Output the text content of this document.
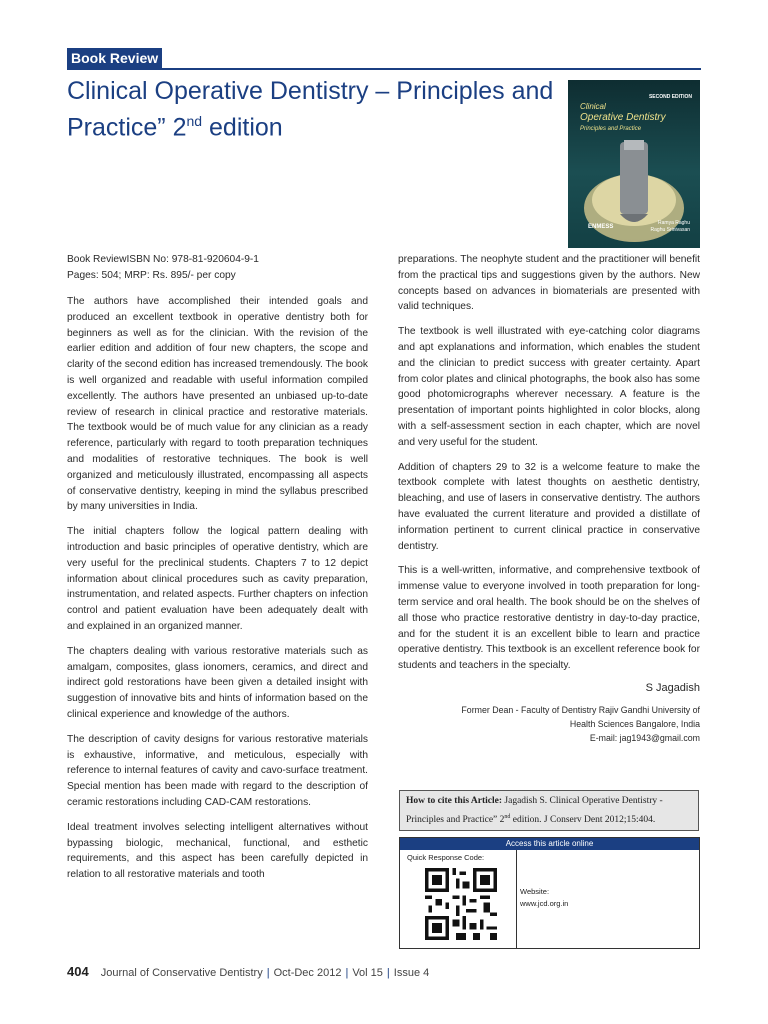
Book Review
Clinical Operative Dentistry – Principles and Practice” 2nd edition
SECOND EDITION
Clinical
Operative Dentistry
Principles and Practice
ENMESS
Ramya Raghu
Raghu Srinivasan
Book ReviewISBN No: 978-81-920604-9-1
Pages: 504; MRP: Rs. 895/- per copy

The authors have accomplished their intended goals and produced an excellent textbook in operative dentistry both for beginners as well as for the clinician. With the revision of the earlier edition and addition of four new chapters, the scope and clarity of the second edition has increased tremendously. The book is well organized and readable with useful information compiled excellently. The authors have presented an unbiased up-to-date review of research in clinical practice and restorative materials. The textbook would be of much value for any clinician as a ready reference, particularly with regard to tooth preparation techniques and modalities of restorative techniques. The book is well organized and meticulously illustrated, encompassing all aspects of conservative dentistry, keeping in mind the syllabus prescribed by many universities in India.

The initial chapters follow the logical pattern dealing with introduction and basic principles of operative dentistry, which are very useful for the preclinical students. Chapters 7 to 12 depict information about clinical procedures such as cavity preparation, instrumentation, and related aspects. Further chapters on infection control and patient evaluation have been adequately dealt with and explained in an organized manner.

The chapters dealing with various restorative materials such as amalgam, composites, glass ionomers, ceramics, and direct and indirect gold restorations have been given a detailed insight with suggestion of innovative bits and hints of information based on the clinical experience and knowledge of the authors.

The description of cavity designs for various restorative materials is exhaustive, informative, and meticulous, especially with reference to internal features of cavity and cavo-surface treatment. Special mention has been made with regard to the description of ceramic restorations including CAD-CAM restorations.

Ideal treatment involves selecting intelligent alternatives without bypassing biologic, mechanical, functional, and esthetic requirements, and this aspect has been carefully depicted in relation to all restorative materials and tooth

preparations. The neophyte student and the practitioner will benefit from the practical tips and suggestions given by the authors. New concepts based on advances in biomaterials are presented with valid techniques.

The textbook is well illustrated with eye-catching color diagrams and apt explanations and information, which enables the student and the clinician to predict success with greater certainty. Apart from color plates and clinical photographs, the book also has some good photomicrographs wherever necessary. A feature is the presentation of important points highlighted in color blocks, along with a self-assessment section in each chapter, which are novel and very useful for the student.

Addition of chapters 29 to 32 is a welcome feature to make the textbook complete with latest thoughts on aesthetic dentistry, bleaching, and use of lasers in conservative dentistry. The authors have evaluated the current literature and provided a distillate of information pertinent to current clinical practice in conservative dentistry.

This is a well-written, informative, and comprehensive textbook of immense value to everyone involved in tooth preparation for long-term service and oral health. The book should be on the shelves of all those who practice restorative dentistry in day-to-day practice, and for the student it is an excellent bible to learn and practice operative dentistry. This textbook is an excellent reference book for students and teachers in the specialty.

S Jagadish
Former Dean - Faculty of Dentistry Rajiv Gandhi University of
Health Sciences Bangalore, India
E-mail: jag1943@gmail.com
How to cite this Article: Jagadish S. Clinical Operative Dentistry - Principles and Practice” 2nd edition. J Conserv Dent 2012;15:404.
Access this article online
Quick Response Code:
Website:
www.jcd.org.in
404 Journal of Conservative Dentistry | Oct-Dec 2012 | Vol 15 | Issue 4
